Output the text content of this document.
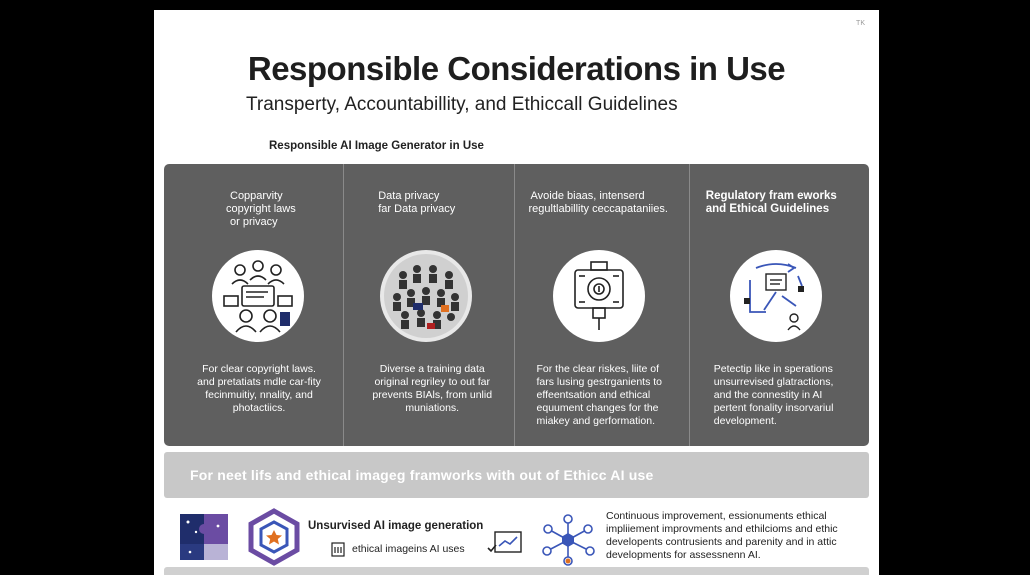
TK
Responsible Considerations in Use
Transperty, Accountabillity, and Ethiccall Guidelines
Responsible AI Image Generator in Use
Copparvity
copyright laws
or privacy
For clear copyright laws.
and pretatiats mdle car-fity
fecinmuitiy, nnality, and
photactiics.
Data privacy
far Data privacy
Diverse a training data
original regriley to out far
prevents BIAls, from unlid
muniations.
Avoide biaas, intenserd
regultlabillity ceccapataniies.
For the clear riskes, liite of
fars lusing gestrganients to
effeentsation and ethical
equument changes for the
miakey and gerformation.
Regulatory fram eworks
and Ethical Guidelines
Petectip like in sperations
unsurrevised glatractions,
and the connestity in AI
pertent fonality insorvariul
development.
For neet lifs and ethical imageg framworks with out of Ethicc AI use
Unsurvised AI image generation
ethical imageins AI uses
Continuous improvement, essionuments ethical
impliiement improvments and ethilcioms and ethic
developents contrusients and parenity and in attic
developments for assessnenn AI.
